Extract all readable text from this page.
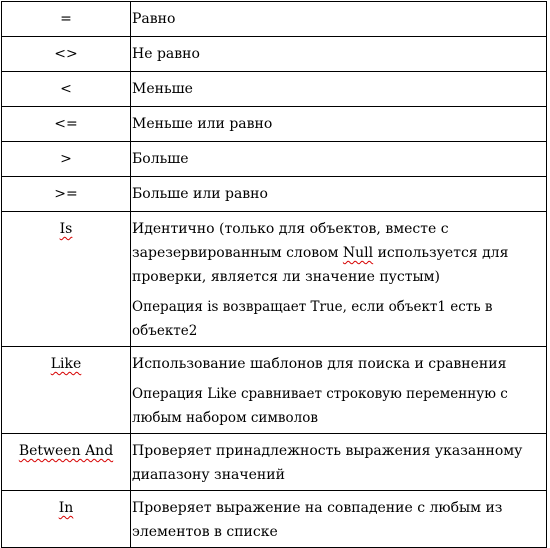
=	Равно
<>	Не равно
<	Меньше
<=	Меньше или равно
>	Больше
>=	Больше или равно
Is	Идентично (только для объектов, вместе с зарезервированным словом Null используется для проверки, является ли значение пустым)

Операция is возвращает True, если объект1 есть в объекте2

Like	Использование шаблонов для поиска и сравнения

Операция Like сравнивает строковую переменную с любым набором символов

Between And	Проверяет принадлежность выражения указанному диапазону значений

In	Проверяет выражение на совпадение с любым из элементов в списке
